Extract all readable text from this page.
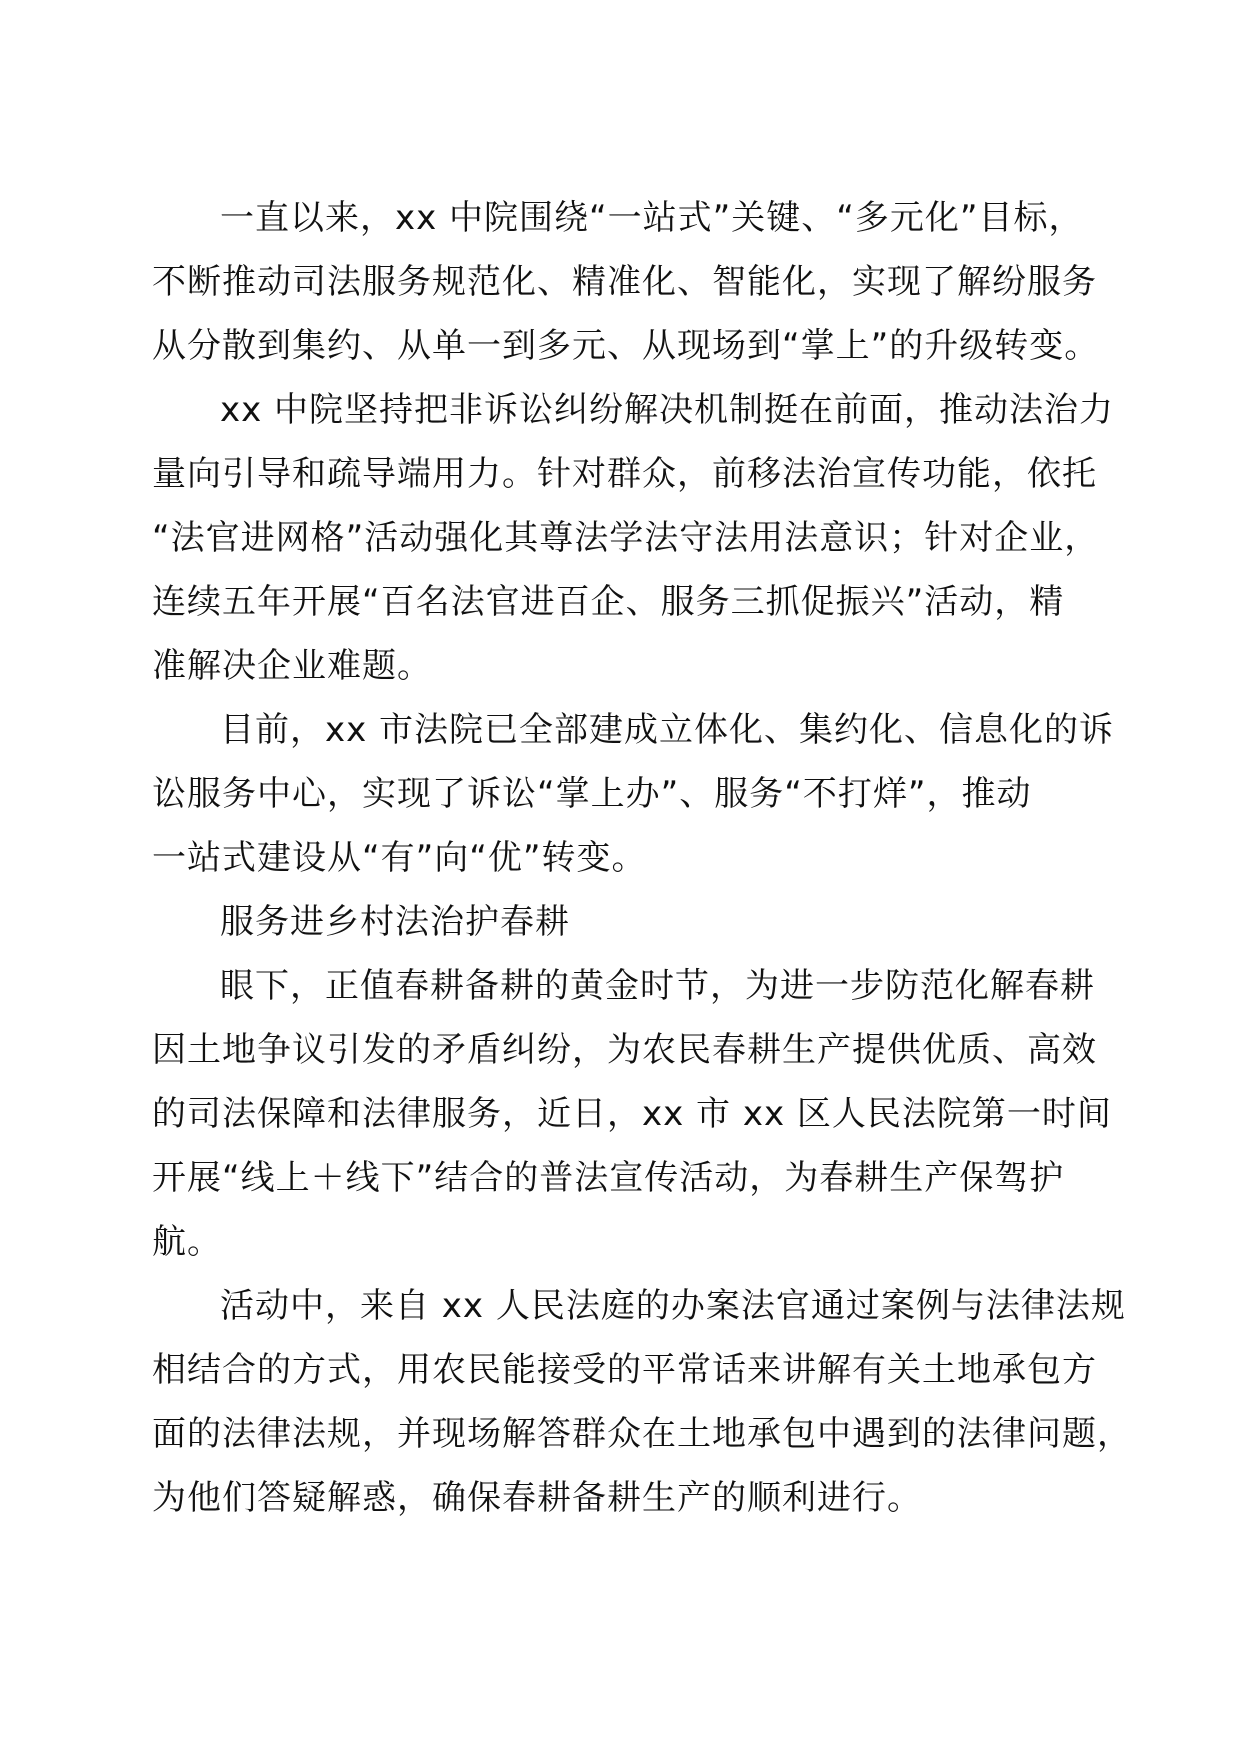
一直以来，xx 中院围绕“一站式”关键、“多元化”目标，
不断推动司法服务规范化、精准化、智能化，实现了解纷服务
从分散到集约、从单一到多元、从现场到“掌上”的升级转变。
xx 中院坚持把非诉讼纠纷解决机制挺在前面，推动法治力
量向引导和疏导端用力。针对群众，前移法治宣传功能，依托
“法官进网格”活动强化其尊法学法守法用法意识；针对企业，
连续五年开展“百名法官进百企、服务三抓促振兴”活动，精
准解决企业难题。
目前，xx 市法院已全部建成立体化、集约化、信息化的诉
讼服务中心，实现了诉讼“掌上办”、服务“不打烊”，推动
一站式建设从“有”向“优”转变。
服务进乡村法治护春耕
眼下，正值春耕备耕的黄金时节，为进一步防范化解春耕
因土地争议引发的矛盾纠纷，为农民春耕生产提供优质、高效
的司法保障和法律服务，近日，xx 市 xx 区人民法院第一时间
开展“线上＋线下”结合的普法宣传活动，为春耕生产保驾护
航。
活动中，来自 xx 人民法庭的办案法官通过案例与法律法规
相结合的方式，用农民能接受的平常话来讲解有关土地承包方
面的法律法规，并现场解答群众在土地承包中遇到的法律问题，
为他们答疑解惑，确保春耕备耕生产的顺利进行。
